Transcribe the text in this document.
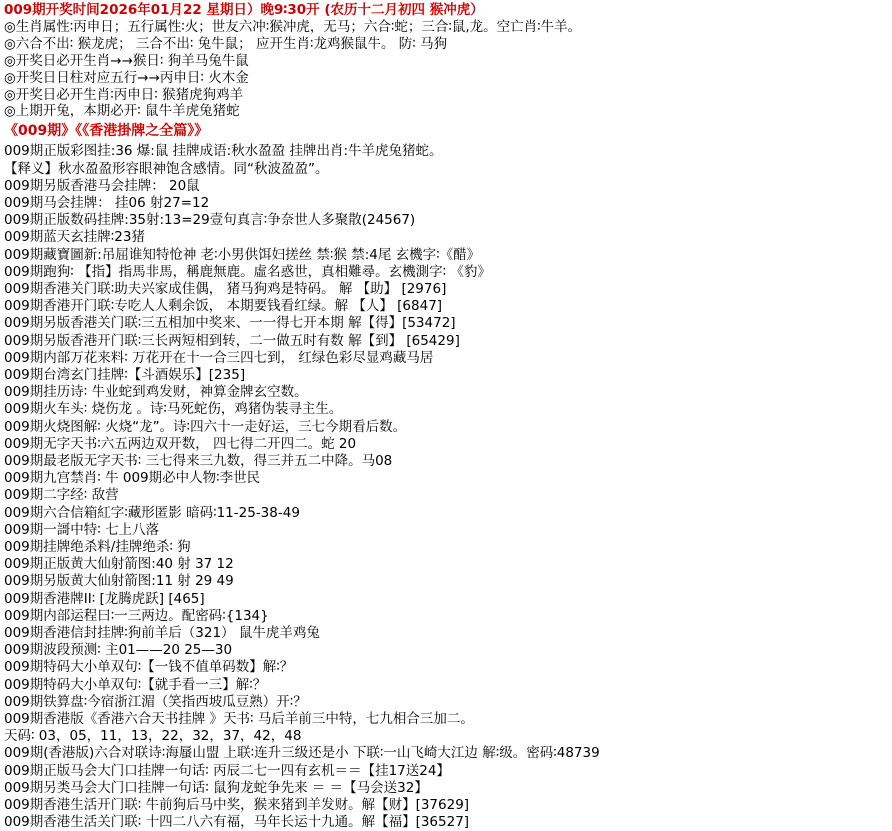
009期开奖时间2026年01月22 星期日）晚9∶30开 (农历十二月初四 猴冲虎）
◎生肖属性∶丙申日；五行属性∶火；世友六冲∶猴冲虎，无马；六合∶蛇；三合∶鼠,龙。空亡肖∶牛羊。
◎六合不出∶ 猴龙虎； 三合不出∶ 兔牛鼠； 应开生肖∶龙鸡猴鼠牛。 防∶ 马狗
◎开奖日必开生肖→→猴日∶ 狗羊马兔牛鼠
◎开奖日日柱对应五行→→丙申日∶ 火木金
◎开奖日必开生肖∶丙申日∶ 猴猪虎狗鸡羊
◎上期开兔，本期必开∶ 鼠牛羊虎兔猪蛇
《009期》《《香港掛牌之全篇》》
009期正版彩图挂:36 爆:鼠 挂牌成语:秋水盈盈 挂牌出肖:牛羊虎兔猪蛇。
【释义】秋水盈盈形容眼神饱含感情。同“秋波盈盈”。
009期另版香港马会挂牌： 20鼠
009期马会挂牌： 挂06 射27=12
009期正版数码挂牌:35射:13=29壹句真言∶争奈世人多聚散(24567)
009期蓝天玄挂牌∶23猪
009期藏寶圖新:吊屈谁知特怆神 老∶小男供饵妇搓丝 禁∶猴 禁:4尾 玄機字∶《醋》
009期跑狗∶ 【指】指馬非馬，稱鹿無鹿。虛名惑世，真相難尋。玄機測字∶ 《豹》
009期香港关门联∶助夫兴家成佳偶， 猪马狗鸡是特码。 解 【助】 [2976]
009期香港开门联∶专吃人人剩余饭， 本期要钱看红绿。解 【人】 [6847]
009期另版香港关门联∶三五相加中奖来、一一得七开本期 解【得】[53472]
009期另版香港开门联∶三长两短相到转，二一做五时有数 解【到】 [65429]
009期内部万花来料∶ 万花开在十一合三四七到， 红绿色彩尽显鸡藏马居
009期台湾玄门挂牌∶【斗酒娱乐】[235]
009期挂历诗∶ 牛业蛇到鸡发财，神算金牌玄空数。
009期火车头∶ 烧伤龙 。诗∶马死蛇伤，鸡猪伪装寻主生。
009期火烧图解∶ 火烧“龙”。诗∶四六十一走好运，三七今期看后数。
009期无字天书∶六五两边双开数， 四七得二开四二。蛇 20
009期最老版无字天书∶ 三七得来三九数，得三并五二中降。马08
009期九宫禁肖∶ 牛 009期必中人物∶李世民
009期二字经∶ 敌营
009期六合信箱紅字∶藏形匿影 暗码∶11-25-38-49
009期一謌中特∶ 七上八落
009期挂牌绝杀料/挂牌绝杀∶ 狗
009期正版黄大仙射箭图:40 射 37 12
009期另版黄大仙射箭图:11 射 29 49
009期香港牌II∶ [龙腾虎跃] [465]
009期内部运程曰∶一三两边。配密码∶{134}
009期香港信封挂牌∶狗前羊后（321） 鼠牛虎羊鸡兔
009期波段预测∶ 主01——20 25—30
009期特码大小单双句∶【一钱不值单码数】解∶？
009期特码大小单双句∶【就手看一三】解∶？
009期铁算盘∶今宿浙江湄（笑指西坡瓜豆熟）开∶？
009期香港版《香港六合天书挂牌 》天书∶ 马后羊前三中特，七九相合三加二。
天码∶ 03，05，11，13，22，32，37，42，48
009期(香港版)六合对联诗∶海蜃山盟 上联∶连升三级还是小 下联∶一山飞崎大江边 解∶级。密码∶48739
009期正版马会大门口挂牌一句话∶ 丙辰二七一四有玄机＝＝【挂17送24】
009期另类马会大门口挂牌一句话∶ 鼠狗龙蛇争先来 ＝ ＝【马会送32】
009期香港生活开门联∶ 牛前狗后马中奖，猴来猪到羊发财。解【财】[37629]
009期香港生活关门联∶ 十四二八六有福，马年长运十九通。解【福】[36527]
